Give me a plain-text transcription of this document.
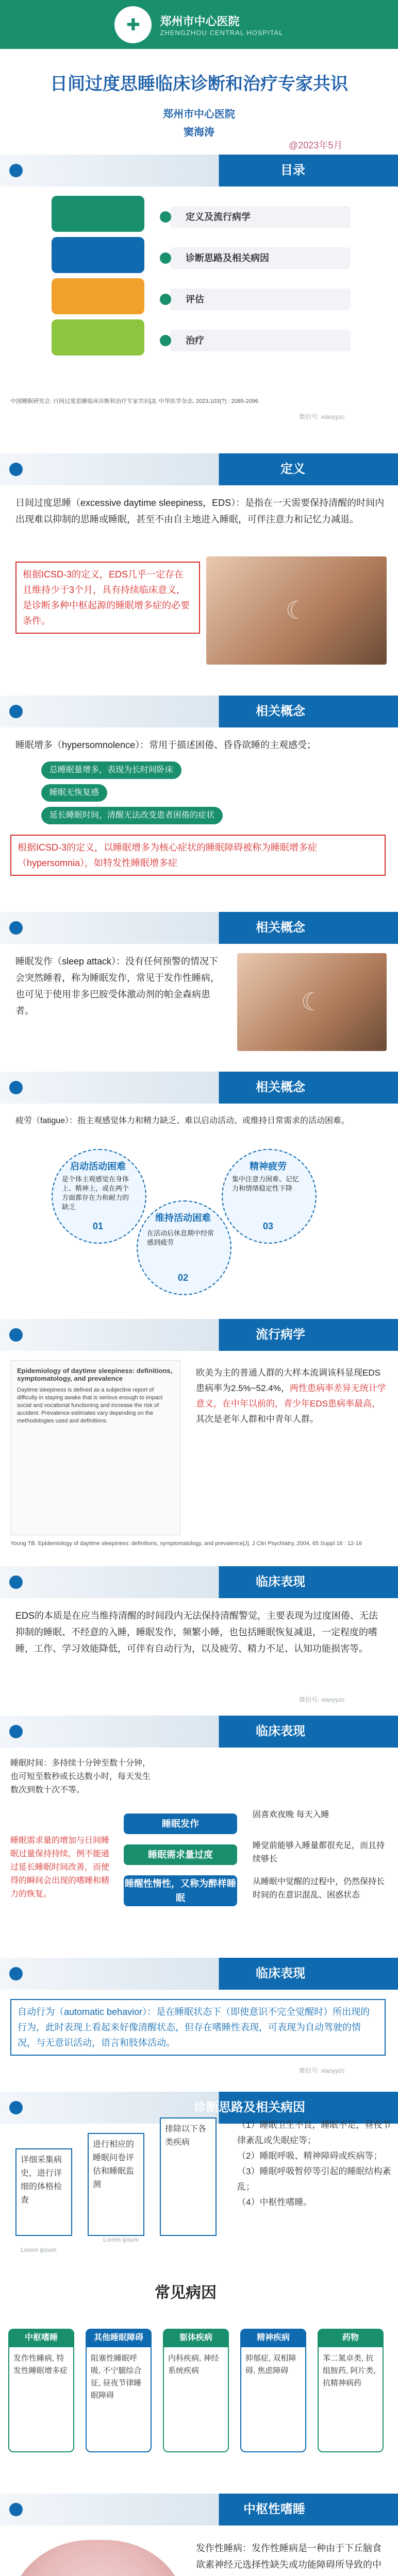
✚	郑州市中心医院
ZHENGZHOU CENTRAL HOSPITAL
日间过度思睡临床诊断和治疗专家共识
郑州市中心医院
窦海涛
@2023年5月
目录
定义及流行病学
诊断思路及相关病因
评估
治疗
中国睡眠研究会. 日间过度思睡临床诊断和治疗专家共识[J]. 中华医学杂志, 2023,103(?) : 2085-2096
微信号: xiaoyyzc
定义
日间过度思睡（excessive daytime sleepiness，EDS）：是指在一天需要保持清醒的时间内出现难以抑制的思睡或睡眠，甚至不由自主地进入睡眠，可伴注意力和记忆力减退。
根据ICSD-3的定义，EDS几乎一定存在且维持少于3个月，具有持续临床意义，是诊断多种中枢起源的睡眠增多症的必要条件。	☾
相关概念
睡眠增多（hypersomnolence）：常用于描述困倦、昏昏欲睡的主观感受；
总睡眠量增多，表现为长时间卧床
睡眠无恢复感
延长睡眠时间，清醒无法改变患者困倦的症状
根据ICSD-3的定义，以睡眠增多为核心症状的睡眠障碍被称为睡眠增多症（hypersomnia），如特发性睡眠增多症
相关概念
睡眠发作（sleep attack）：没有任何预警的情况下会突然睡着，称为睡眠发作，常见于发作性睡病，也可见于使用非多巴胺受体激动剂的帕金森病患者。	☾
相关概念
疲劳（fatigue）：指主观感觉体力和精力缺乏、难以启动活动、或维持日常需求的活动困难。
启动活动困难
是个体主观感觉在身体上、精神上，或在两个方面都存在力和耐力的缺乏
01
精神疲劳
集中注意力困难、记忆力和情绪稳定性下降
03
维持活动困难
在活动后休息期中经常感到疲劳
02
流行病学
Epidemiology of daytime sleepiness: definitions, symptomatology, and prevalence
Daytime sleepiness is defined as a subjective report of difficulty in staying awake that is serious enough to impact social and vocational functioning and increase the risk of accident. Prevalence estimates vary depending on the methodologies used and definitions.
欧美为主的普通人群的大样本流调该科显现EDS患病率为2.5%~52.4%，两性患病率差异无统计学意义，在中年以前的，青少年EDS患病率最高，其次是老年人群和中青年人群。
Young TB. Epidemiology of daytime sleepiness: definitions, symptomatology, and prevalence[J]. J Clin Psychiatry, 2004, 65 Suppl 16 : 12-16
临床表现
EDS的本质是在应当维持清醒的时间段内无法保持清醒警觉，主要表现为过度困倦、无法抑制的睡眠、不经意的入睡，睡眠发作，频繁小睡，也包括睡眠恢复减退，一定程度的嗜睡，工作、学习效能降低，可伴有自动行为，以及疲劳、精力不足、认知功能损害等。
微信号: xiaoyyzc
临床表现
睡眠时间：多持续十分钟至数十分钟，也可短至数秒或长达数小时，每天发生数次到数十次不等。
睡眠需求量的增加与日间睡眠过量保持持续，例不能通过延长睡眠时间改善，而使得的瞬间会出现的嗜睡和精力的恢复。
睡眠发作
睡眠需求量过度
睡醒性惰性，又称为醉样睡眠
固喜欢夜晚 每天入睡
睡觉前能够入睡量都很充足，而且持续够长
从睡眠中觉醒的过程中，仍然保持长时间的在意识混乱、困惑状态
临床表现
自动行为（automatic behavior）：是在睡眠状态下（即使意识不完全觉醒时）所出现的行为，此时表现上看起来好像清醒状态，但存在嗜睡性表现，可表现为自动驾驶的情况，与无意识活动，语言和肢体活动。
微信号: xiaoyyzc
诊断思路及相关病因
详细采集病史，进行详细的体格检查
进行相应的睡眠问卷评估和睡眠监测
排除以下各类疾病
Lorem ipsum
Lorem ipsum
（1）睡眠卫生不良，睡眠不足，昼夜节律紊乱或失眠症等；
（2）睡眠呼吸、精神障碍或疾病等；
（3）睡眠呼吸暂停等引起的睡眠结构紊乱；
（4）中枢性嗜睡。
常见病因
中枢嗜睡
发作性睡病, 特发性睡眠增多症
其他睡眠障碍
阻塞性睡眠呼吸, 不宁腿综合征, 昼夜节律睡眠障碍
躯体疾病
内科疾病, 神经系统疾病
精神疾病
抑郁症, 双相障碍, 焦虑障碍
药物
苯二氮卓类, 抗组胺药, 阿片类, 抗精神病药
中枢性嗜睡
发作性睡病：发作性睡病是一种由于下丘脑食欲素神经元选择性缺失或功能障碍所导致的中
